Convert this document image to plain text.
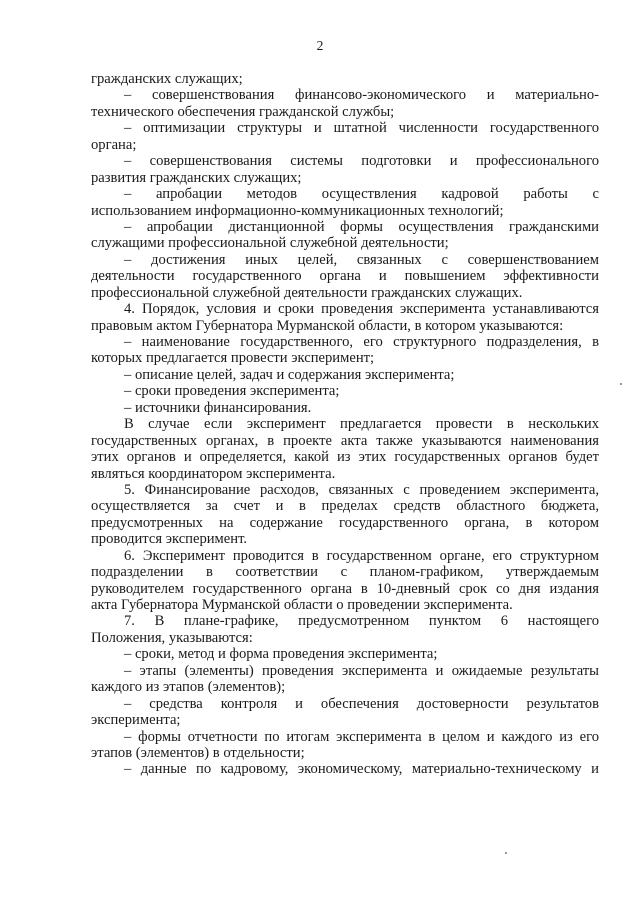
2
гражданских служащих;
– совершенствования финансово-экономического и материально-
технического обеспечения гражданской службы;
– оптимизации структуры и штатной численности государственного
органа;
– совершенствования системы подготовки и профессионального
развития гражданских служащих;
– апробации методов осуществления кадровой работы с
использованием информационно-коммуникационных технологий;
– апробации дистанционной формы осуществления гражданскими
служащими профессиональной служебной деятельности;
– достижения иных целей, связанных с совершенствованием
деятельности государственного органа и повышением эффективности
профессиональной служебной деятельности гражданских служащих.
4. Порядок, условия и сроки проведения эксперимента устанавливаются
правовым актом Губернатора Мурманской области, в котором указываются:
– наименование государственного, его структурного подразделения, в
которых предлагается провести эксперимент;
– описание целей, задач и содержания эксперимента;
– сроки проведения эксперимента;
– источники финансирования.
В случае если эксперимент предлагается провести в нескольких
государственных органах, в проекте акта также указываются наименования
этих органов и определяется, какой из этих государственных органов будет
являться координатором эксперимента.
5. Финансирование расходов, связанных с проведением эксперимента,
осуществляется за счет и в пределах средств областного бюджета,
предусмотренных на содержание государственного органа, в котором
проводится эксперимент.
6. Эксперимент проводится в государственном органе, его структурном
подразделении в соответствии с планом-графиком, утверждаемым
руководителем государственного органа в 10-дневный срок со дня издания
акта Губернатора Мурманской области о проведении эксперимента.
7. В плане-графике, предусмотренном пунктом 6 настоящего
Положения, указываются:
– сроки, метод и форма проведения эксперимента;
– этапы (элементы) проведения эксперимента и ожидаемые результаты
каждого из этапов (элементов);
– средства контроля и обеспечения достоверности результатов
эксперимента;
– формы отчетности по итогам эксперимента в целом и каждого из его
этапов (элементов) в отдельности;
– данные по кадровому, экономическому, материально-техническому и
